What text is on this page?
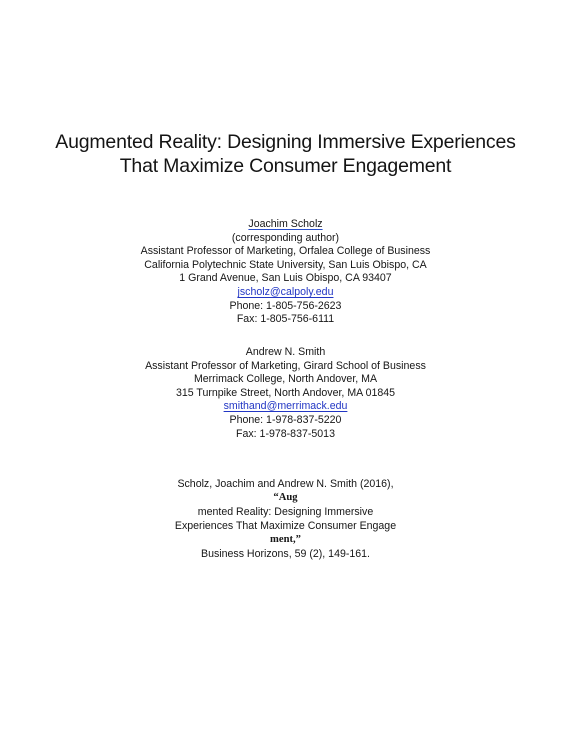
Augmented Reality: Designing Immersive Experiences
That Maximize Consumer Engagement
Joachim Scholz
(corresponding author)
Assistant Professor of Marketing, Orfalea College of Business
California Polytechnic State University, San Luis Obispo, CA
1 Grand Avenue, San Luis Obispo, CA 93407
jscholz@calpoly.edu
Phone: 1-805-756-2623
Fax: 1-805-756-6111
Andrew N. Smith
Assistant Professor of Marketing, Girard School of Business
Merrimack College, North Andover, MA
315 Turnpike Street, North Andover, MA 01845
smithand@merrimack.edu
Phone: 1-978-837-5220
Fax: 1-978-837-5013
Scholz, Joachim and Andrew N. Smith (2016),
“Aug
mented Reality: Designing Immersive
Experiences That Maximize Consumer Engage
ment,”
Business Horizons, 59 (2), 149-161.
